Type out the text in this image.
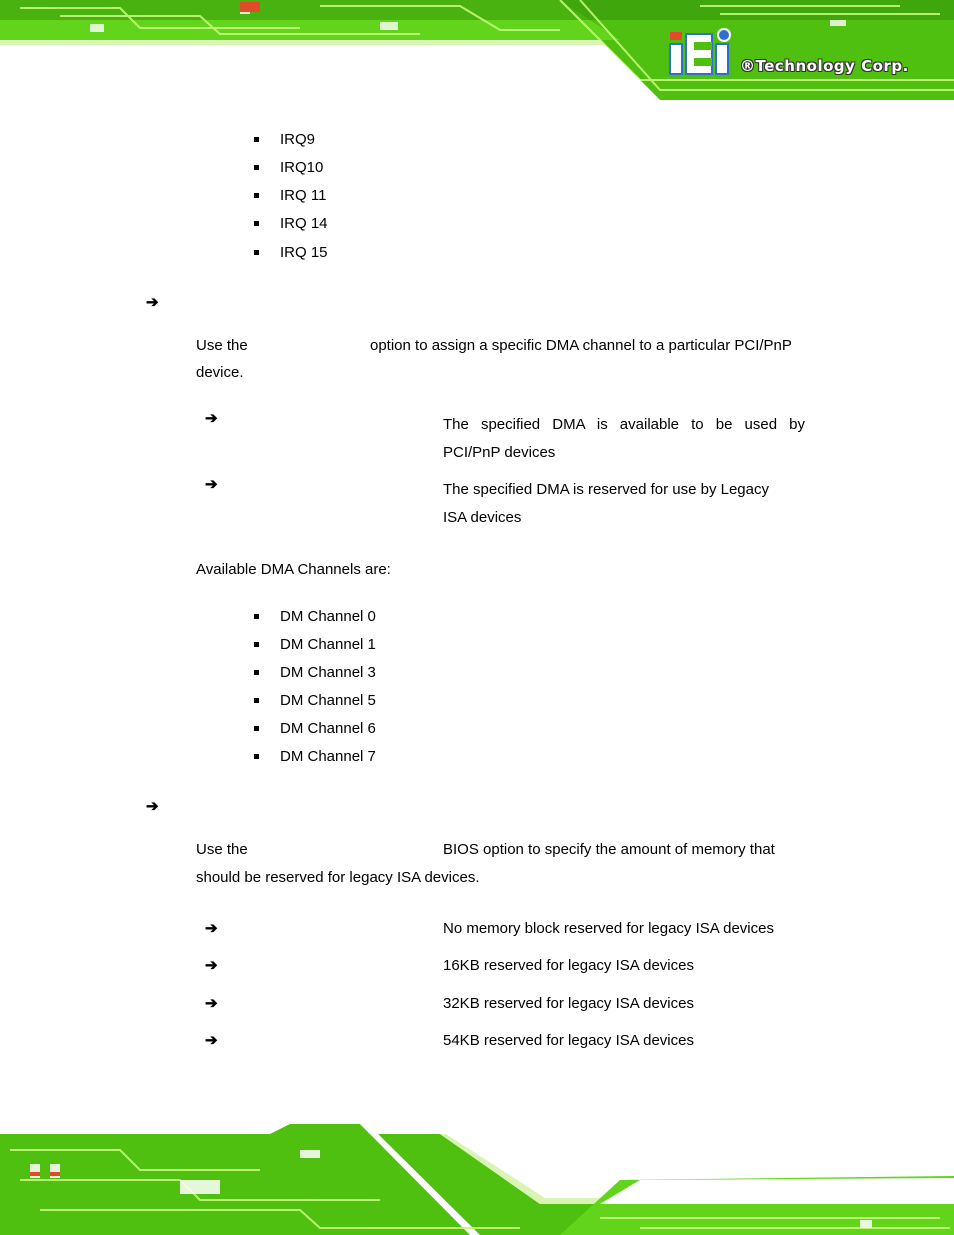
®Technology Corp.
IRQ9
IRQ10
IRQ 11
IRQ 14
IRQ 15
➔
Use the	option to assign a specific DMA channel to a particular PCI/PnP
device.
➔	The specified DMA is available to be used by
PCI/PnP devices
➔	The specified DMA is reserved for use by Legacy
ISA devices
Available DMA Channels are:
DM Channel 0
DM Channel 1
DM Channel 3
DM Channel 5
DM Channel 6
DM Channel 7
➔
Use the	BIOS option to specify the amount of memory that
should be reserved for legacy ISA devices.
➔	No memory block reserved for legacy ISA devices
➔	16KB reserved for legacy ISA devices
➔	32KB reserved for legacy ISA devices
➔	54KB reserved for legacy ISA devices
